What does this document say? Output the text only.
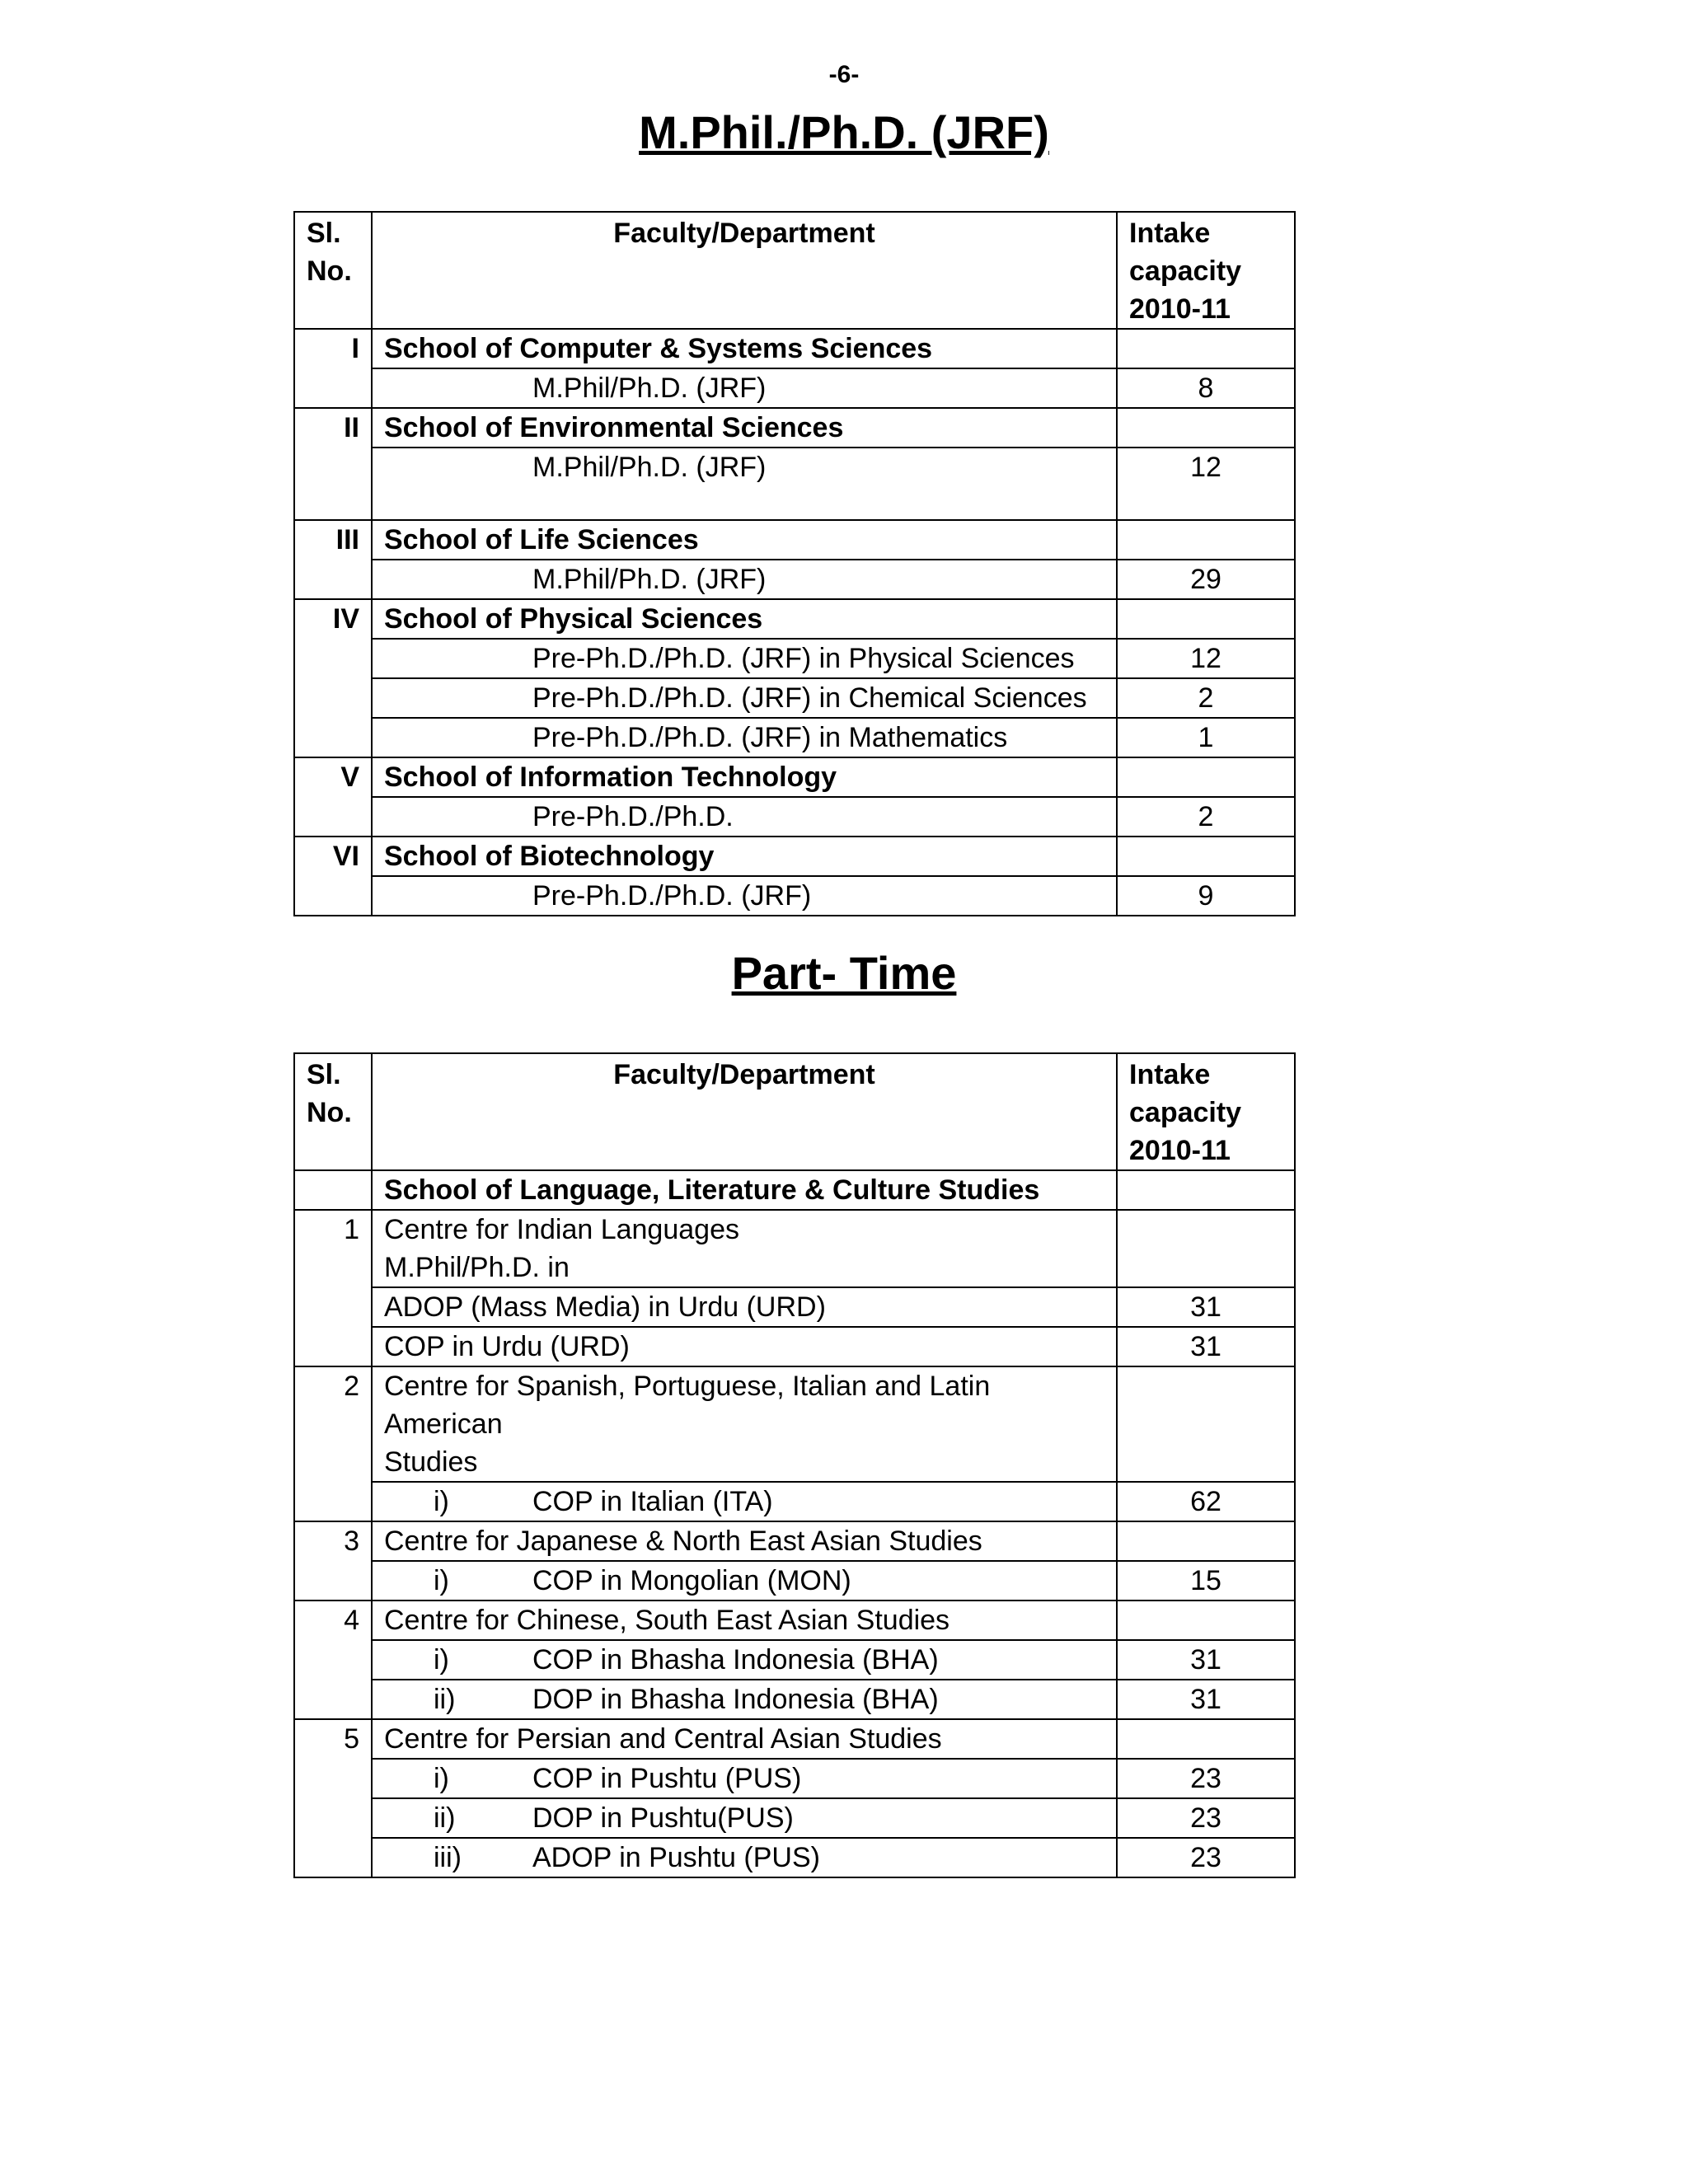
-6-
M.Phil./Ph.D. (JRF)
Sl.
No.	Faculty/Department	Intake
capacity
2010-11
I	School of Computer & Systems Sciences	
	M.Phil/Ph.D. (JRF)	8
II	School of Environmental Sciences	
	M.Phil/Ph.D. (JRF)	12
III	School of Life Sciences	
	M.Phil/Ph.D. (JRF)	29
IV	School of Physical Sciences	
	Pre-Ph.D./Ph.D. (JRF) in Physical Sciences	12
	Pre-Ph.D./Ph.D. (JRF) in Chemical Sciences	2
	Pre-Ph.D./Ph.D. (JRF) in Mathematics	1
V	School of Information Technology	
	Pre-Ph.D./Ph.D.	2
VI	School of Biotechnology	
	Pre-Ph.D./Ph.D. (JRF)	9
Part- Time
Sl.
No.	Faculty/Department	Intake
capacity
2010-11
	School of Language, Literature & Culture Studies	
1	Centre for Indian Languages
M.Phil/Ph.D. in	
	ADOP (Mass Media) in Urdu (URD)	31
	COP in Urdu (URD)	31
2	Centre for Spanish, Portuguese, Italian and Latin American
Studies	
	i) COP in Italian (ITA)	62
3	Centre for Japanese & North East Asian Studies	
	i) COP in Mongolian (MON)	15
4	Centre for Chinese, South East Asian Studies	
	i) COP in Bhasha Indonesia (BHA)	31
	ii) DOP in Bhasha Indonesia (BHA)	31
5	Centre for Persian and Central Asian Studies	
	i) COP in Pushtu (PUS)	23
	ii) DOP in Pushtu(PUS)	23
	iii) ADOP in Pushtu (PUS)	23
